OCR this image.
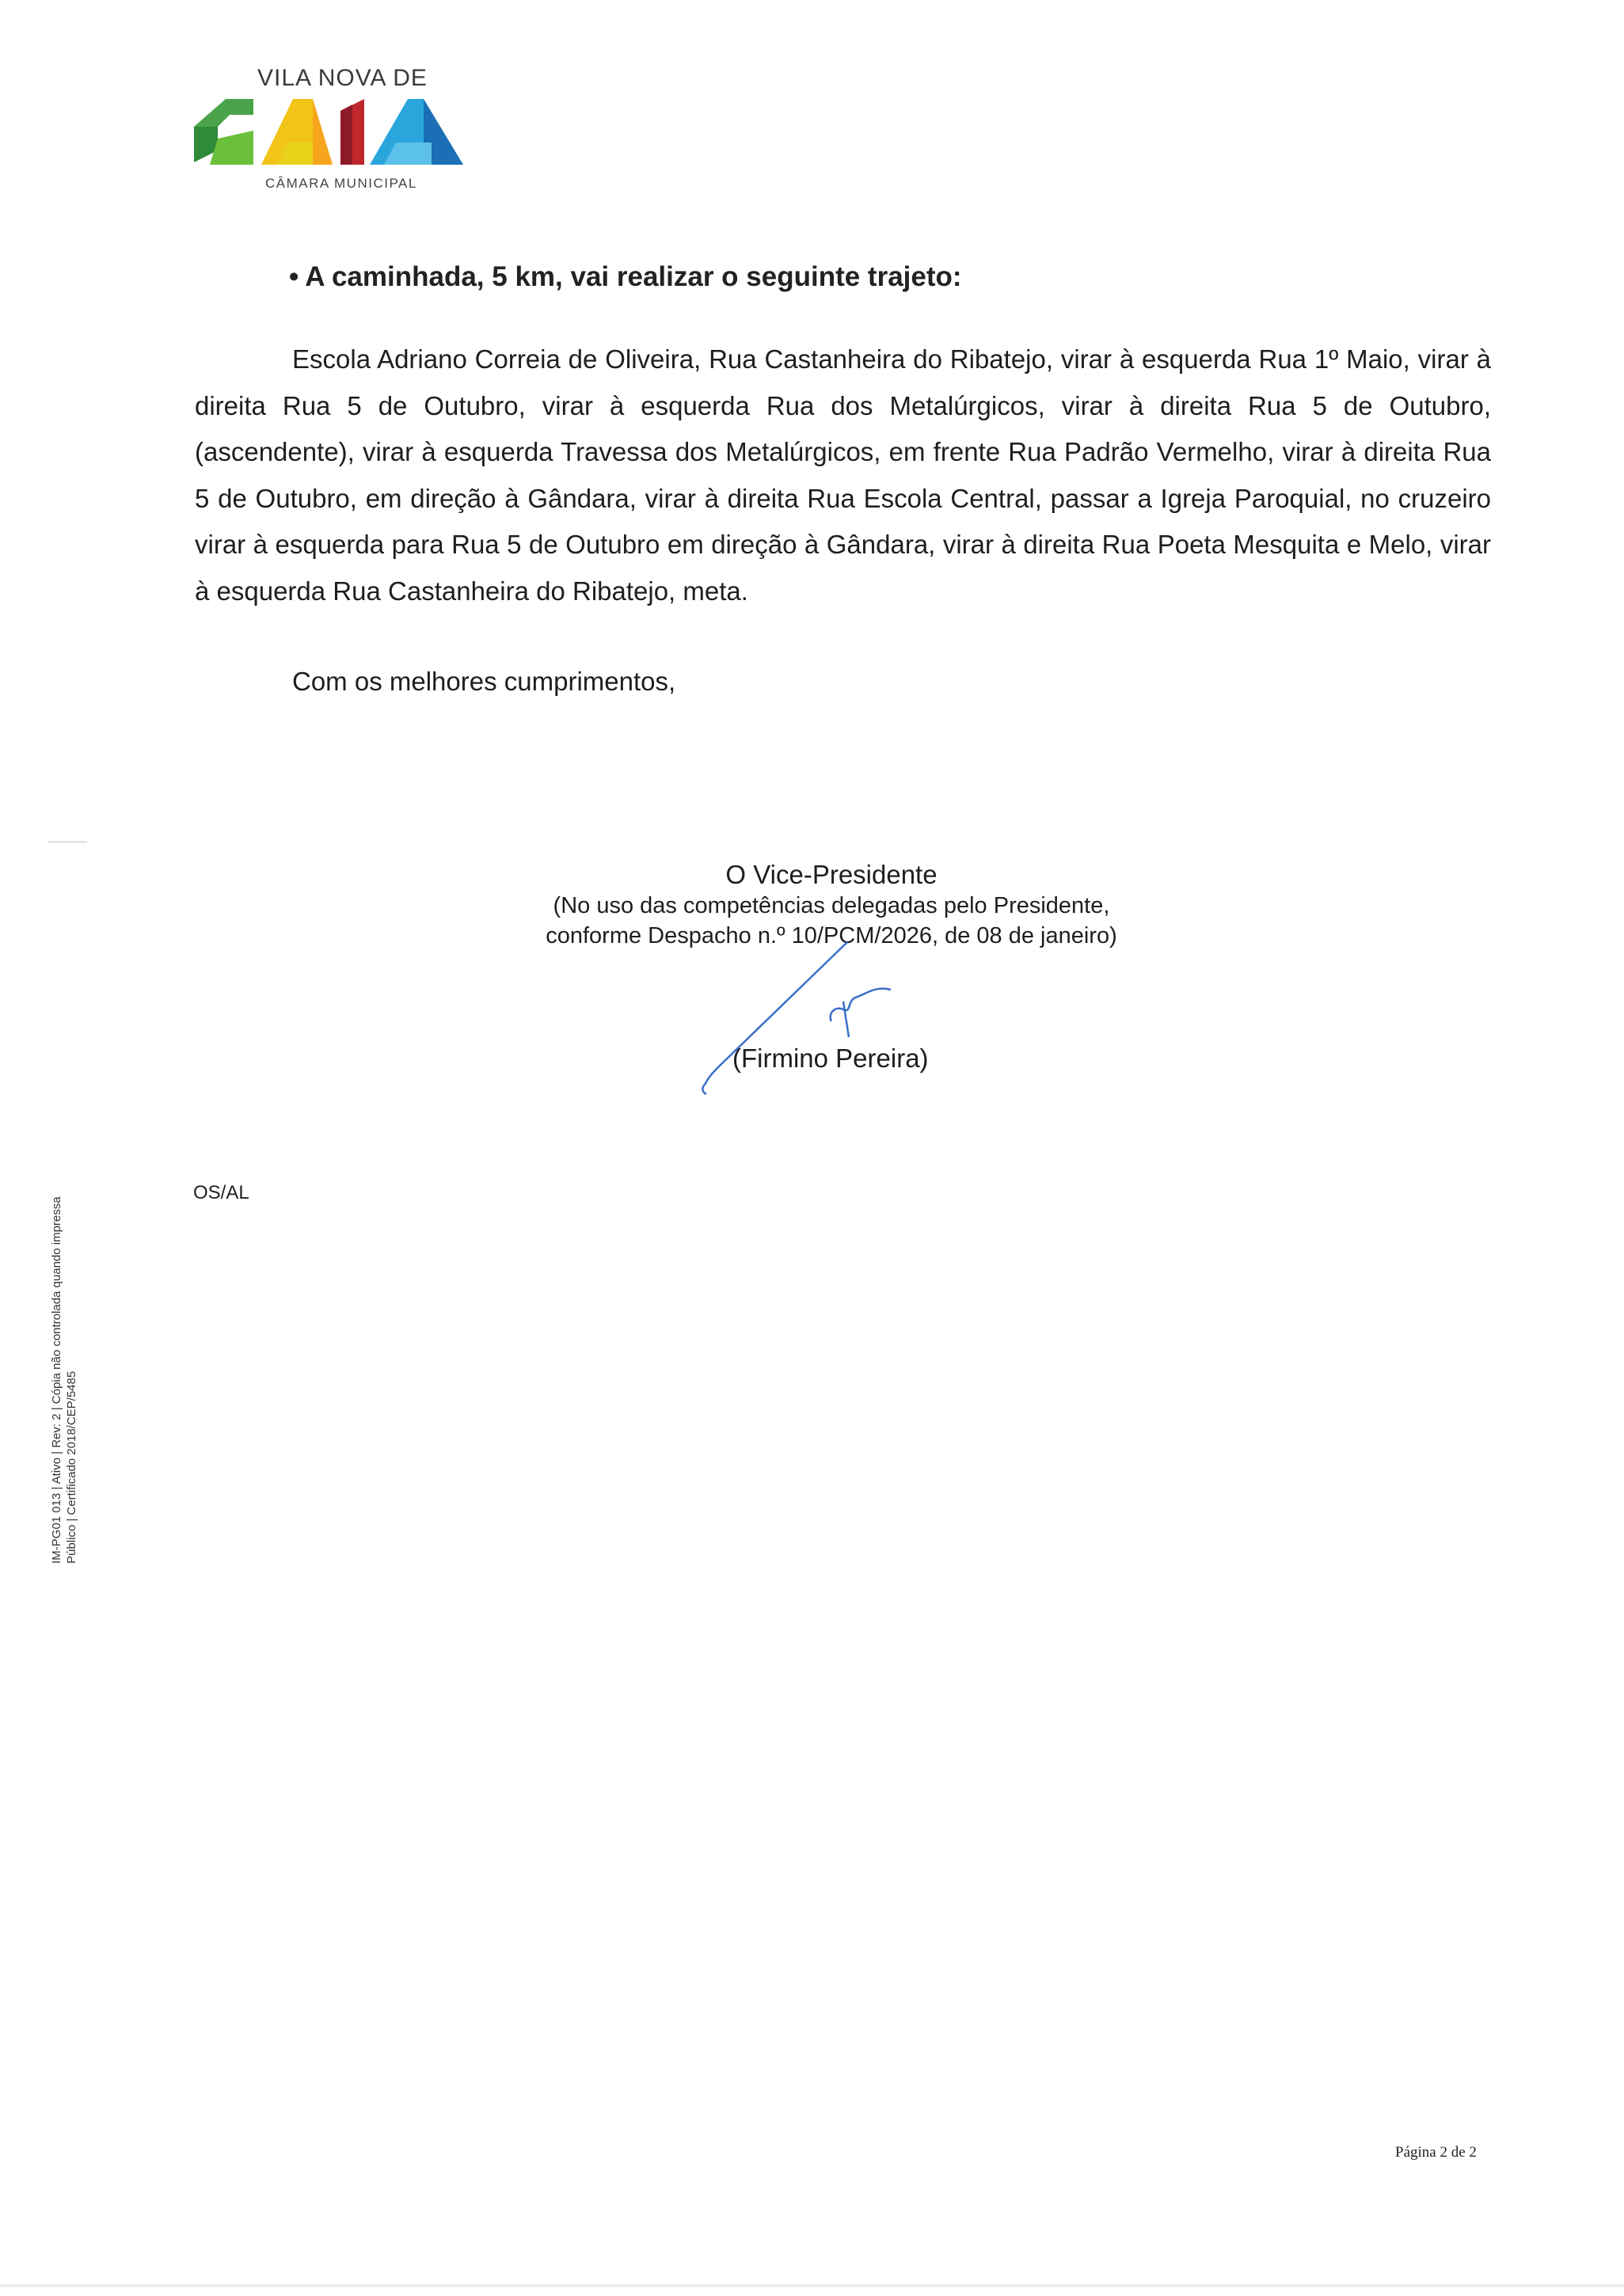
VILA NOVA DE
CÂMARA MUNICIPAL
• A caminhada, 5 km, vai realizar o seguinte trajeto:
Escola Adriano Correia de Oliveira, Rua Castanheira do Ribatejo, virar à esquerda Rua 1º Maio, virar à direita Rua 5 de Outubro, virar à esquerda Rua dos Metalúrgicos, virar à direita Rua 5 de Outubro, (ascendente), virar à esquerda Travessa dos Metalúrgicos, em frente Rua Padrão Vermelho, virar à direita Rua 5 de Outubro, em direção à Gândara, virar à direita Rua Escola Central, passar a Igreja Paroquial, no cruzeiro virar à esquerda para Rua 5 de Outubro em direção à Gândara, virar à direita Rua Poeta Mesquita e Melo, virar à esquerda Rua Castanheira do Ribatejo, meta.
Com os melhores cumprimentos,
O Vice-Presidente
(No uso das competências delegadas pelo Presidente,
conforme Despacho n.º 10/PCM/2026, de 08 de janeiro)
(Firmino Pereira)
OS/AL
IM-PG01 013 | Ativo | Rev: 2 | Cópia não controlada quando impressa Público | Certificado 2018/CEP/5485
Página 2 de 2
